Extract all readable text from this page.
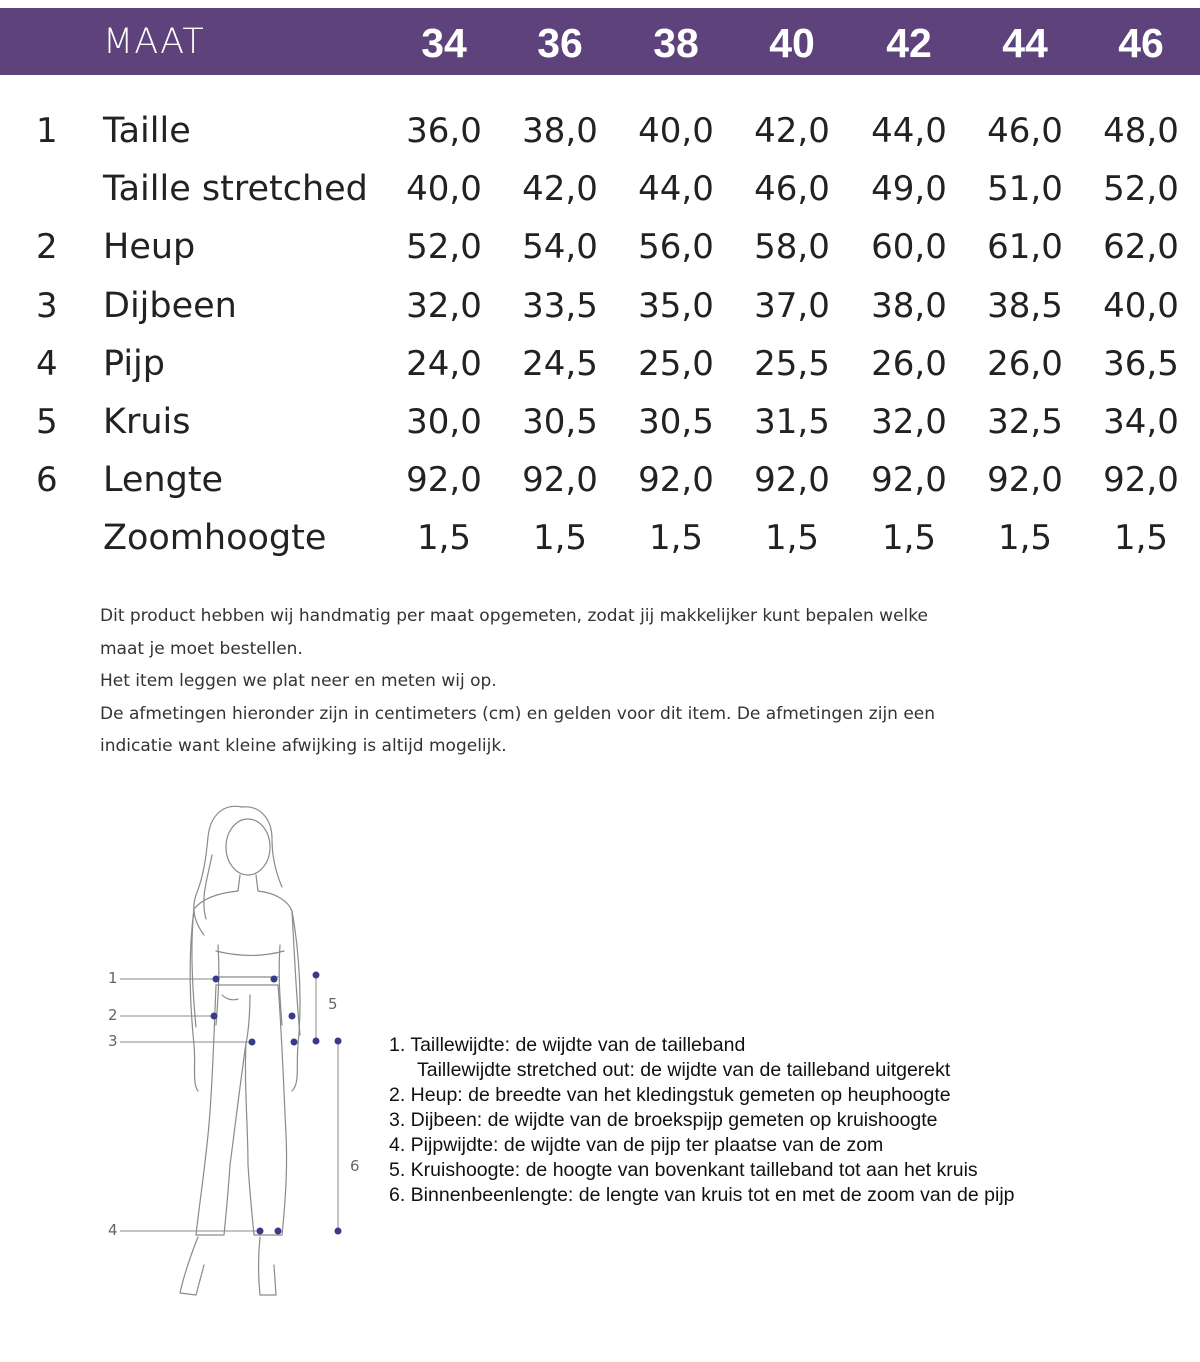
MAAT	34	36	38	40	42	44	46
1 Taille	36,0	38,0	40,0	42,0	44,0	46,0	48,0
Taille stretched	40,0	42,0	44,0	46,0	49,0	51,0	52,0
2 Heup	52,0	54,0	56,0	58,0	60,0	61,0	62,0
3 Dijbeen	32,0	33,5	35,0	37,0	38,0	38,5	40,0
4 Pijp	24,0	24,5	25,0	25,5	26,0	26,0	36,5
5 Kruis	30,0	30,5	30,5	31,5	32,0	32,5	34,0
6 Lengte	92,0	92,0	92,0	92,0	92,0	92,0	92,0
Zoomhoogte	1,5	1,5	1,5	1,5	1,5	1,5	1,5

Dit product hebben wij handmatig per maat opgemeten, zodat jij makkelijker kunt bepalen welke

maat je moet bestellen.

Het item leggen we plat neer en meten wij op.

De afmetingen hieronder zijn in centimeters (cm) en gelden voor dit item. De afmetingen zijn een

indicatie want kleine afwijking is altijd mogelijk.

1
2
3
4
5
6
1. Taillewijdte: de wijdte van de tailleband
Taillewijdte stretched out: de wijdte van de tailleband uitgerekt
2. Heup: de breedte van het kledingstuk gemeten op heuphoogte
3. Dijbeen: de wijdte van de broekspijp gemeten op kruishoogte
4. Pijpwijdte: de wijdte van de pijp ter plaatse van de zom
5. Kruishoogte: de hoogte van bovenkant tailleband tot aan het kruis
6. Binnenbeenlengte: de lengte van kruis tot en met de zoom van de pijp
